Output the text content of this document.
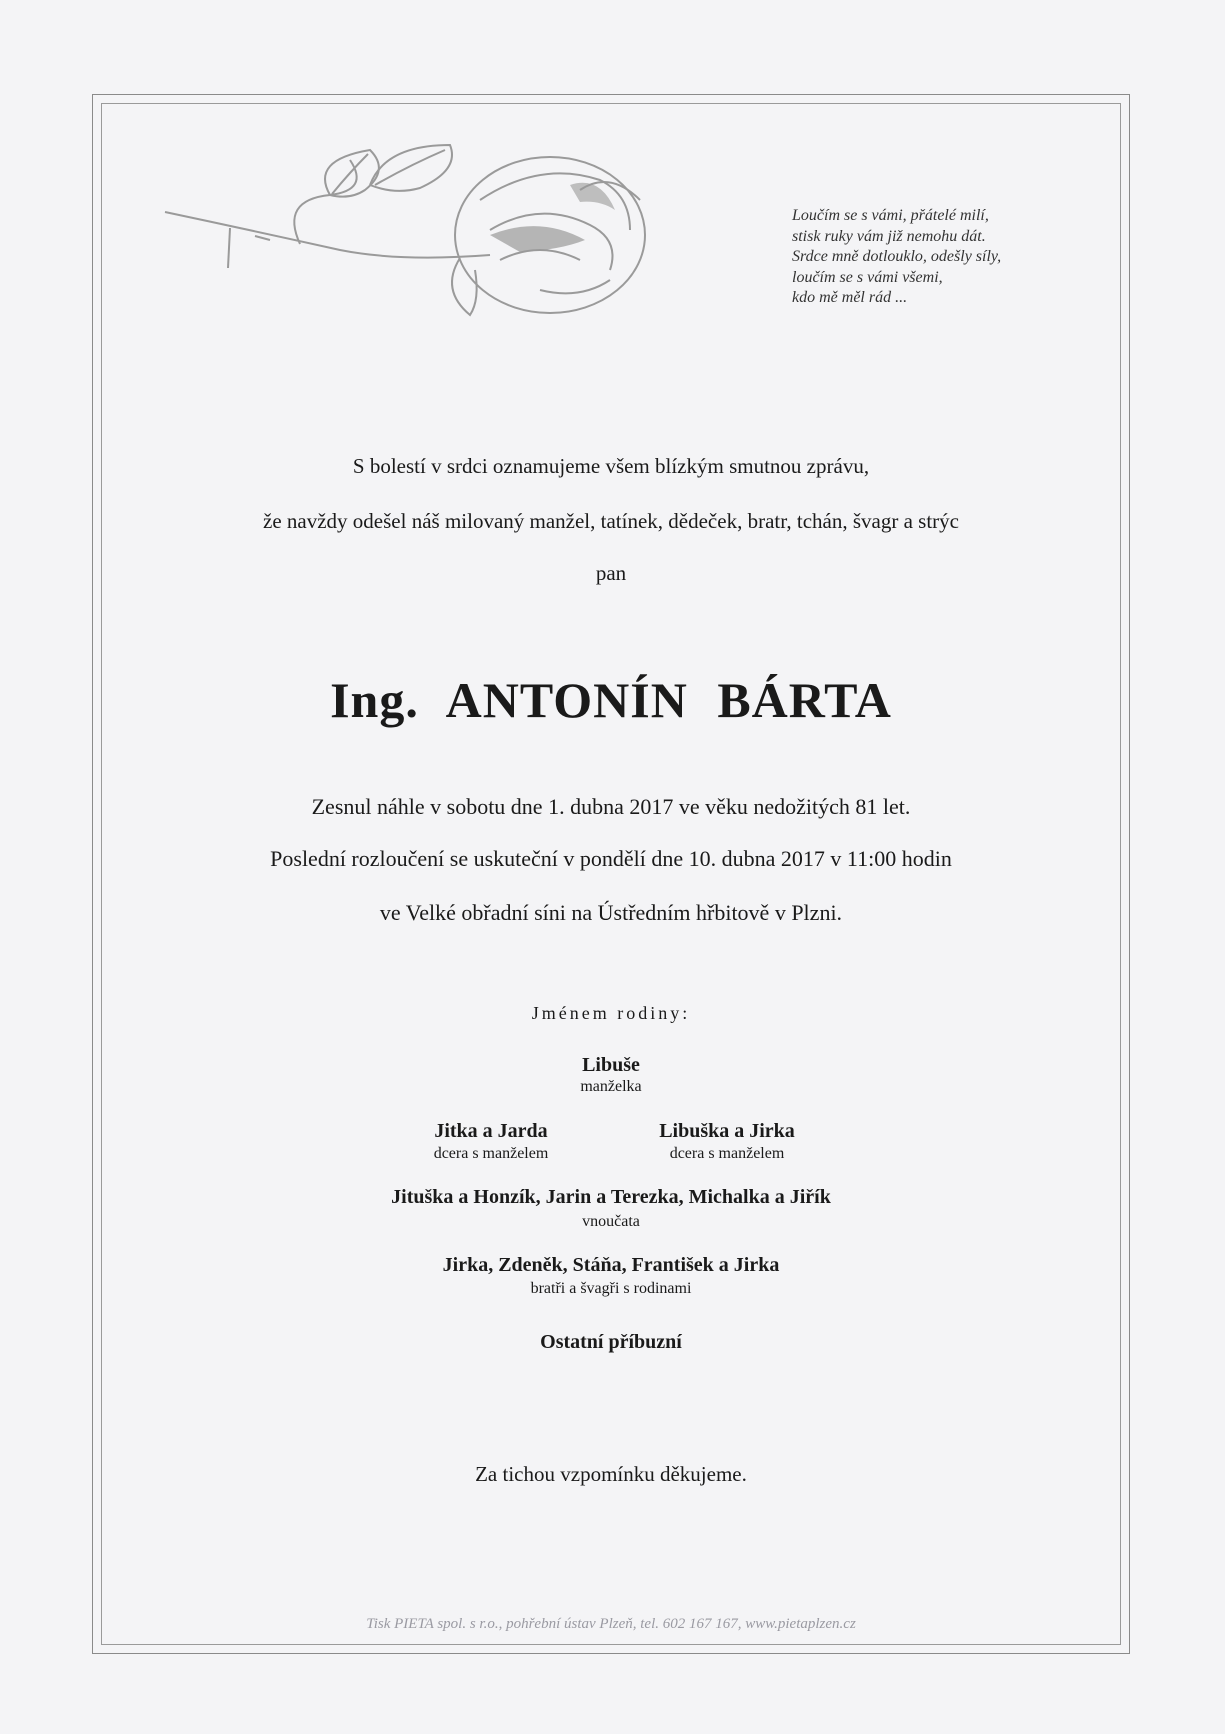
Loučím se s vámi, přátelé milí,
stisk ruky vám již nemohu dát.
Srdce mně dotlouklo, odešly síly,
loučím se s vámi všemi,
kdo mě měl rád ...
S bolestí v srdci oznamujeme všem blízkým smutnou zprávu,
že navždy odešel náš milovaný manžel, tatínek, dědeček, bratr, tchán, švagr a strýc
pan
Ing. ANTONÍN BÁRTA
Zesnul náhle v sobotu dne 1. dubna 2017 ve věku nedožitých 81 let.
Poslední rozloučení se uskuteční v pondělí dne 10. dubna 2017 v 11:00 hodin
ve Velké obřadní síni na Ústředním hřbitově v Plzni.
Jménem rodiny:
Libuše
manželka
Jitka a Jarda
dcera s manželem
Libuška a Jirka
dcera s manželem
Jituška a Honzík, Jarin a Terezka, Michalka a Jiřík
vnoučata
Jirka, Zdeněk, Stáňa, František a Jirka
bratři a švagři s rodinami
Ostatní příbuzní
Za tichou vzpomínku děkujeme.
Tisk PIETA spol. s r.o., pohřební ústav Plzeň, tel. 602 167 167, www.pietaplzen.cz
